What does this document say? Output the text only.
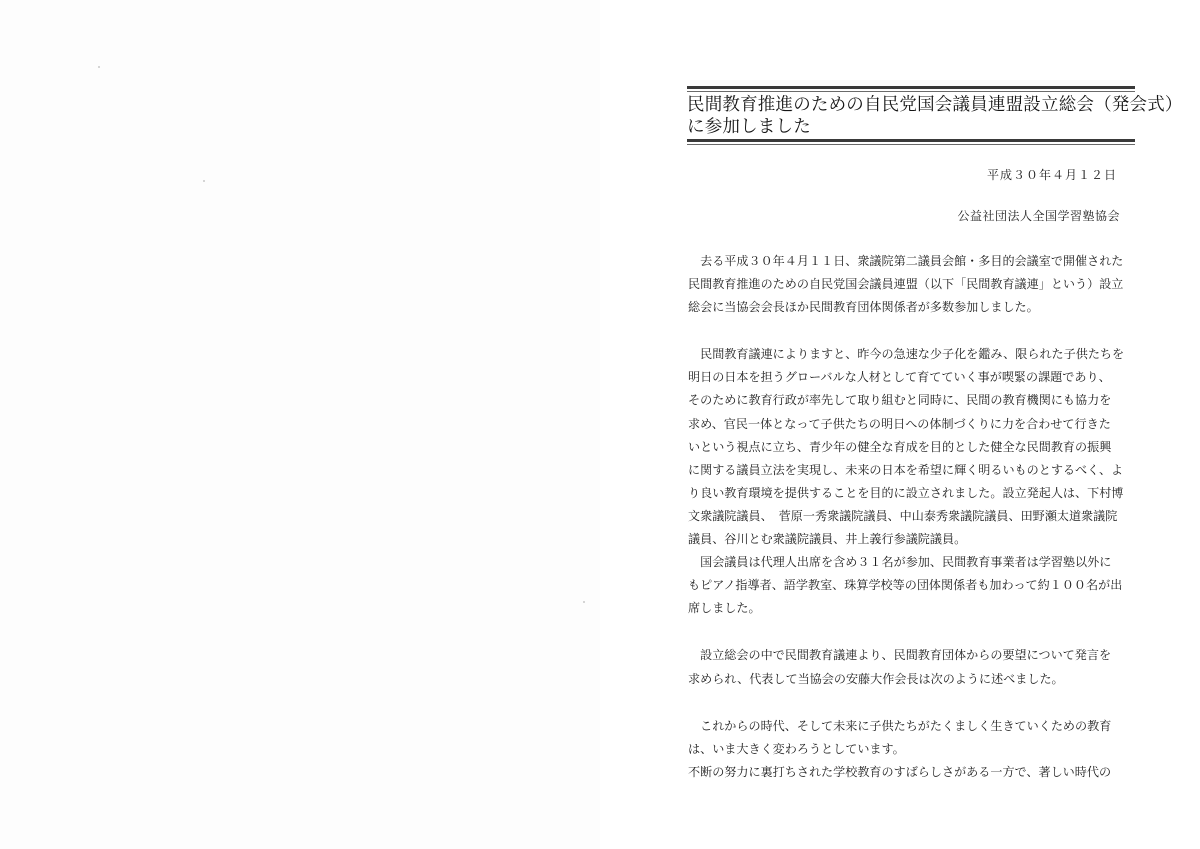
民間教育推進のための自民党国会議員連盟設立総会（発会式）
に参加しました
平成３０年４月１２日
公益社団法人全国学習塾協会
　去る平成３０年４月１１日、衆議院第二議員会館・多目的会議室で開催された
民間教育推進のための自民党国会議員連盟（以下「民間教育議連」という）設立
総会に当協会会長ほか民間教育団体関係者が多数参加しました。
　民間教育議連によりますと、昨今の急速な少子化を鑑み、限られた子供たちを
明日の日本を担うグローバルな人材として育てていく事が喫緊の課題であり、
そのために教育行政が率先して取り組むと同時に、民間の教育機関にも協力を
求め、官民一体となって子供たちの明日への体制づくりに力を合わせて行きた
いという視点に立ち、青少年の健全な育成を目的とした健全な民間教育の振興
に関する議員立法を実現し、未来の日本を希望に輝く明るいものとするべく、よ
り良い教育環境を提供することを目的に設立されました。設立発起人は、下村博
文衆議院議員、　菅原一秀衆議院議員、中山泰秀衆議院議員、田野瀬太道衆議院
議員、谷川とむ衆議院議員、井上義行参議院議員。
　国会議員は代理人出席を含め３１名が参加、民間教育事業者は学習塾以外に
もピアノ指導者、語学教室、珠算学校等の団体関係者も加わって約１００名が出
席しました。
　設立総会の中で民間教育議連より、民間教育団体からの要望について発言を
求められ、代表して当協会の安藤大作会長は次のように述べました。
　これからの時代、そして未来に子供たちがたくましく生きていくための教育
は、いま大きく変わろうとしています。
不断の努力に裏打ちされた学校教育のすばらしさがある一方で、著しい時代の
